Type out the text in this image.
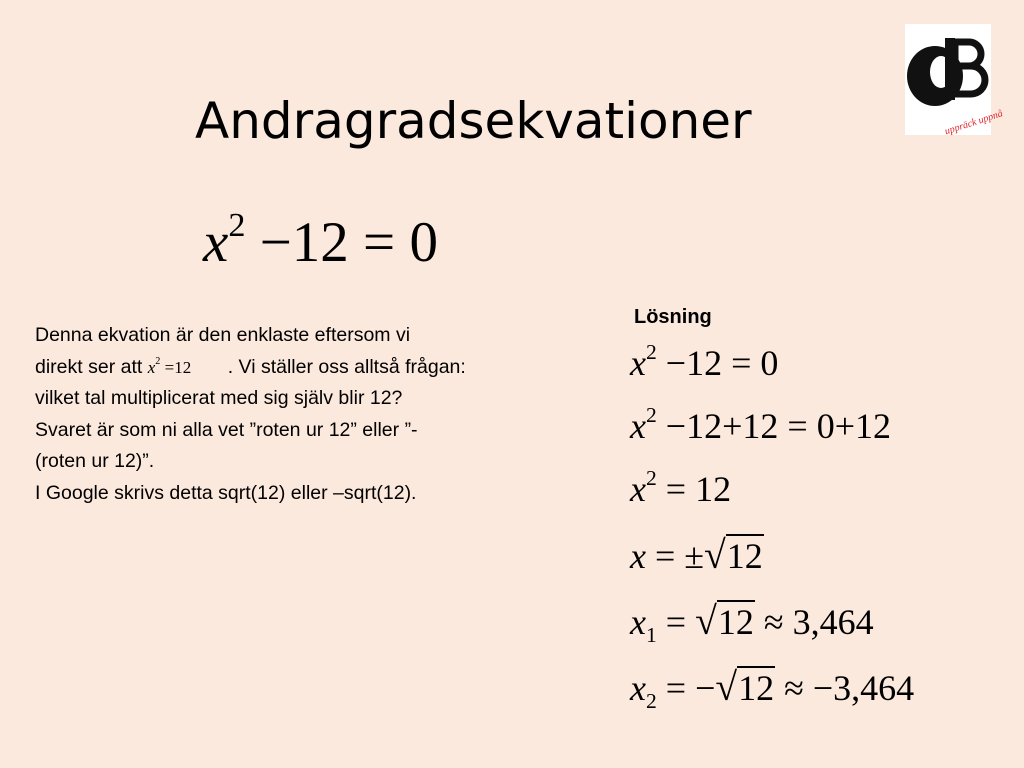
Andragradsekvationer	uppräck uppnå
$x^2 -12 = 0$
Denna ekvation är den enklaste eftersom vi
direkt ser att $x^2 =12$ . Vi ställer oss alltså frågan:
vilket tal multiplicerat med sig själv blir 12?
Svaret är som ni alla vet ”roten ur 12” eller ”-
(roten ur 12)”.
I Google skrivs detta sqrt(12) eller –sqrt(12).
Lösning
$x^2 -12 = 0$
$x^2 -12+12 = 0+12$
$x^2 = 12$
x = ±√12
$x_1 = √12 \approx 3,464$
$x_2 = -√12 \approx -3,464$
